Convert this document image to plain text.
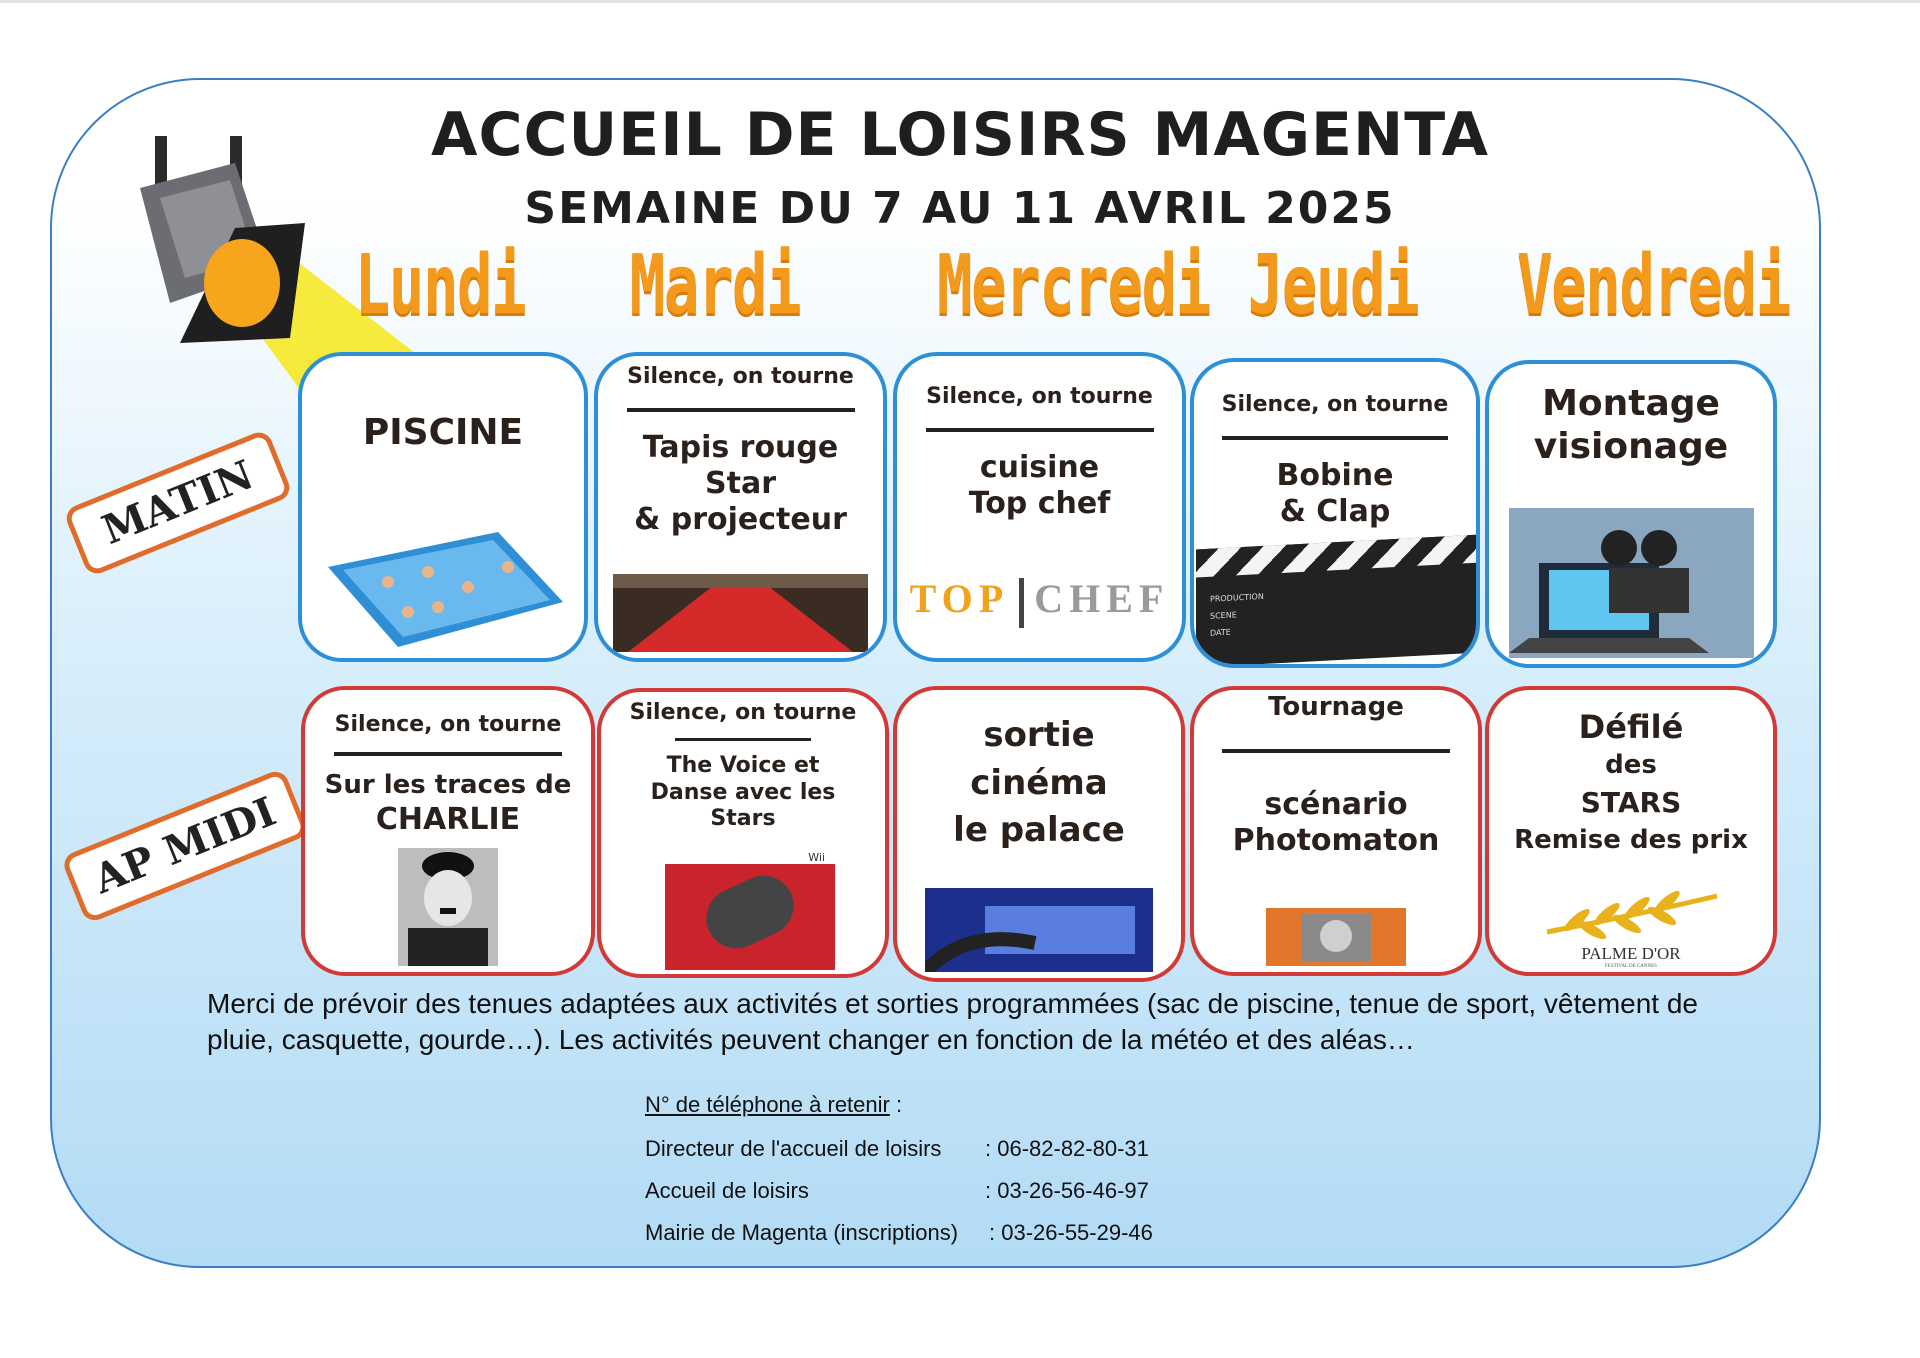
ACCUEIL DE LOISIRS MAGENTA
SEMAINE DU 7 AU 11 AVRIL 2025
Lundi Mardi Mercredi Jeudi Vendredi
MATIN
AP MIDI
PISCINE
Silence, on tourne
Tapis rouge
Star
& projecteur
Silence, on tourne
cuisine
Top chef
TOP CHEF
Silence, on tourne
Bobine
& Clap
PRODUCTION
SCENE
DATE
Montage
visionage
Silence, on tourne
Sur les traces de
CHARLIE
Silence, on tourne
The Voice et
Danse avec les
Stars
Wii
sortie
cinéma
le palace
Tournage
scénario
Photomaton
Défilé
des
STARS
Remise des prix
PALME D'OR
FESTIVAL DE CANNES
Merci de prévoir des tenues adaptées aux activités et sorties programmées (sac de piscine, tenue de sport, vêtement de pluie, casquette, gourde…). Les activités peuvent changer en fonction de la météo et des aléas…
N° de téléphone à retenir :
Directeur de l'accueil de loisirs : 06-82-82-80-31
Accueil de loisirs	: 03-26-56-46-97
Mairie de Magenta (inscriptions) : 03-26-55-29-46
